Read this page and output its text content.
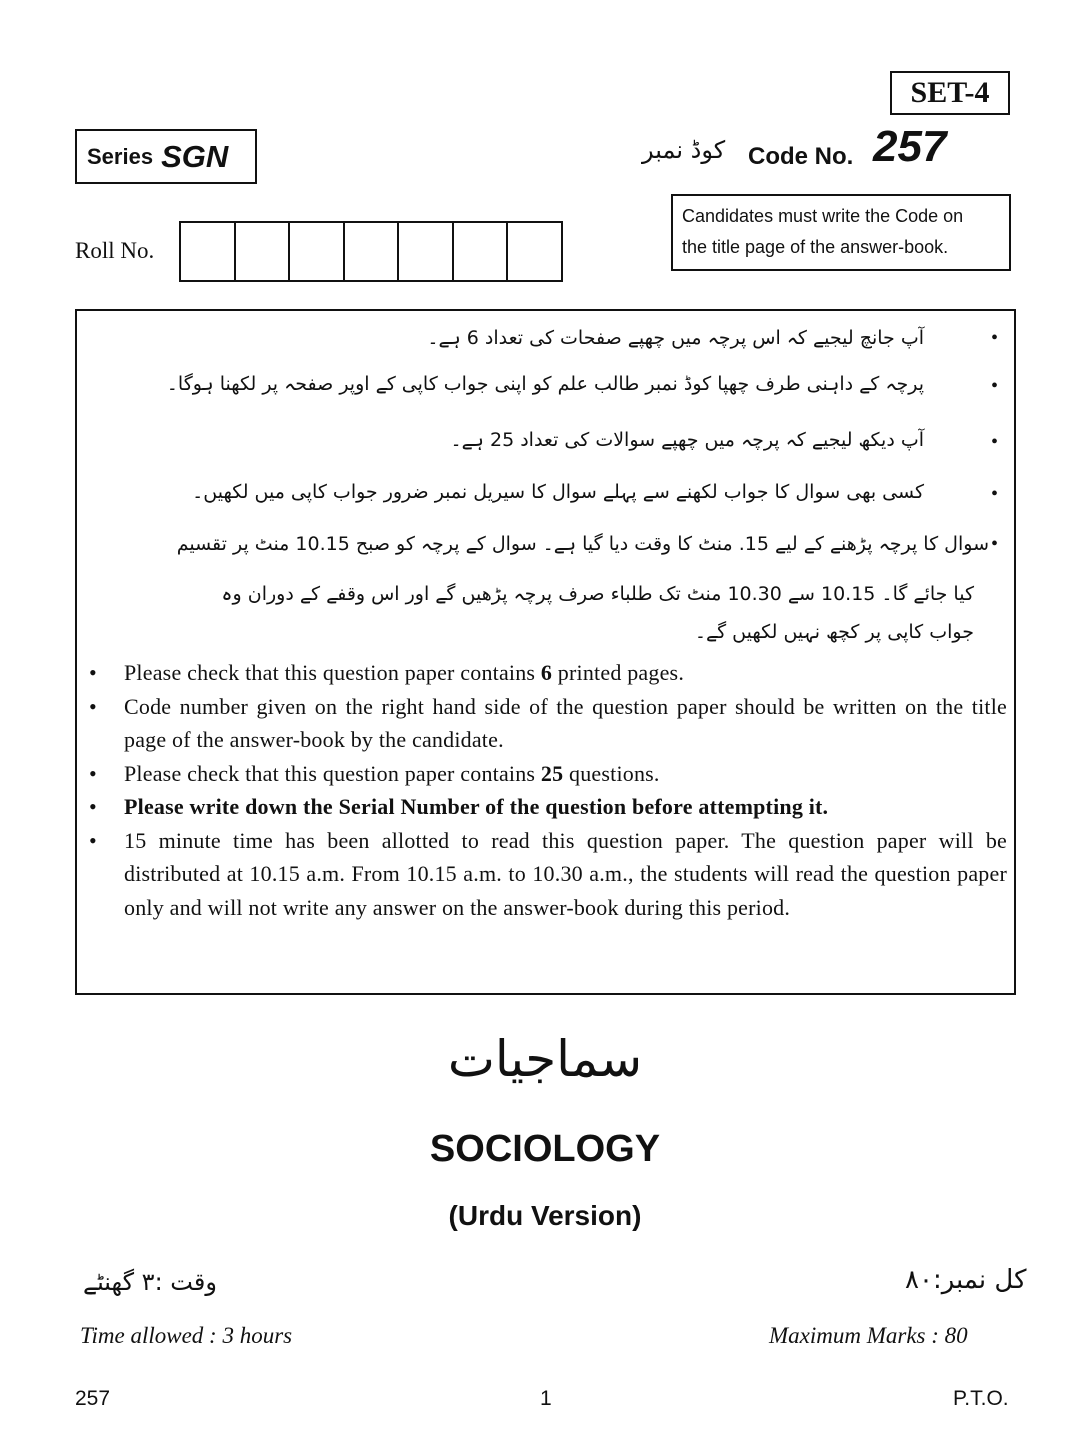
SET-4
Series SGN	کوڈ نمبر Code No. 257
Candidates must write the Code on
the title page of the answer-book.
Roll No.
•
آپ جانچ لیجیے کہ اس پرچہ میں چھپے صفحات کی تعداد 6 ہے۔
•
پرچہ کے داہنی طرف چھپا کوڈ نمبر طالب علم کو اپنی جواب کاپی کے اوپر صفحہ پر لکھنا ہوگا۔
•
آپ دیکھ لیجیے کہ پرچہ میں چھپے سوالات کی تعداد 25 ہے۔
•
کسی بھی سوال کا جواب لکھنے سے پہلے سوال کا سیریل نمبر ضرور جواب کاپی میں لکھیں۔
•
سوال کا پرچہ پڑھنے کے لیے 15. منٹ کا وقت دیا گیا ہے۔ سوال کے پرچہ کو صبح 10.15 منٹ پر تقسیم
کیا جائے گا۔ 10.15 سے 10.30 منٹ تک طلباء صرف پرچہ پڑھیں گے اور اس وقفے کے دوران وہ
جواب کاپی پر کچھ نہیں لکھیں گے۔
• Please check that this question paper contains 6 printed pages.
• Code number given on the right hand side of the question paper should be written on the title page of the answer-book by the candidate.
• Please check that this question paper contains 25 questions.
• Please write down the Serial Number of the question before attempting it.
• 15 minute time has been allotted to read this question paper. The question paper will be distributed at 10.15 a.m. From 10.15 a.m. to 10.30 a.m., the students will read the question paper only and will not write any answer on the answer-book during this period.
سماجیات
SOCIOLOGY
(Urdu Version)
وقت :۳ گھنٹے	کل نمبر:۸۰
Time allowed : 3 hours	Maximum Marks : 80
257	1	P.T.O.
